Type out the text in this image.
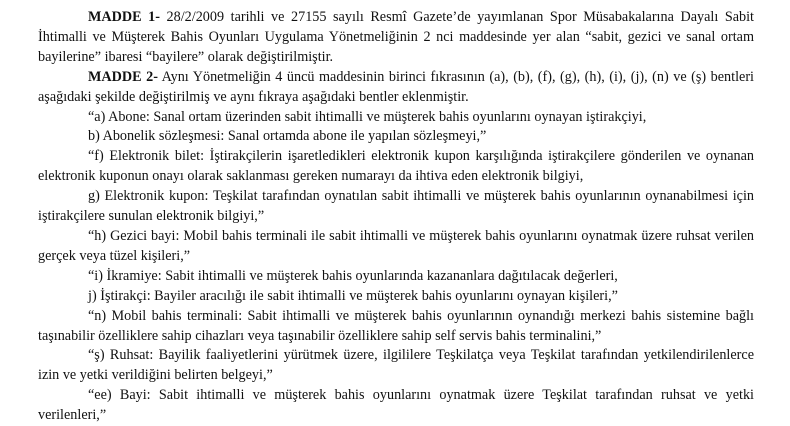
MADDE 1- 28/2/2009 tarihli ve 27155 sayılı Resmî Gazete’de yayımlanan Spor Müsabakalarına Dayalı Sabit İhtimalli ve Müşterek Bahis Oyunları Uygulama Yönetmeliğinin 2 nci maddesinde yer alan “sabit, gezici ve sanal ortam bayilerine” ibaresi “bayilere” olarak değiştirilmiştir.

MADDE 2- Aynı Yönetmeliğin 4 üncü maddesinin birinci fıkrasının (a), (b), (f), (g), (h), (i), (j), (n) ve (ş) bentleri aşağıdaki şekilde değiştirilmiş ve aynı fıkraya aşağıdaki bentler eklenmiştir.

“a) Abone: Sanal ortam üzerinden sabit ihtimalli ve müşterek bahis oyunlarını oynayan iştirakçiyi,

b) Abonelik sözleşmesi: Sanal ortamda abone ile yapılan sözleşmeyi,”

“f) Elektronik bilet: İştirakçilerin işaretledikleri elektronik kupon karşılığında iştirakçilere gönderilen ve oynanan elektronik kuponun onayı olarak saklanması gereken numarayı da ihtiva eden elektronik bilgiyi,

g) Elektronik kupon: Teşkilat tarafından oynatılan sabit ihtimalli ve müşterek bahis oyunlarının oynanabilmesi için iştirakçilere sunulan elektronik bilgiyi,”

“h) Gezici bayi: Mobil bahis terminali ile sabit ihtimalli ve müşterek bahis oyunlarını oynatmak üzere ruhsat verilen gerçek veya tüzel kişileri,”

“i) İkramiye: Sabit ihtimalli ve müşterek bahis oyunlarında kazananlara dağıtılacak değerleri,

j) İştirakçi: Bayiler aracılığı ile sabit ihtimalli ve müşterek bahis oyunlarını oynayan kişileri,”

“n) Mobil bahis terminali: Sabit ihtimalli ve müşterek bahis oyunlarının oynandığı merkezi bahis sistemine bağlı taşınabilir özelliklere sahip cihazları veya taşınabilir özelliklere sahip self servis bahis terminalini,”

“ş) Ruhsat: Bayilik faaliyetlerini yürütmek üzere, ilgililere Teşkilatça veya Teşkilat tarafından yetkilendirilenlerce izin ve yetki verildiğini belirten belgeyi,”

“ee) Bayi: Sabit ihtimalli ve müşterek bahis oyunlarını oynatmak üzere Teşkilat tarafından ruhsat ve yetki verilenleri,”
